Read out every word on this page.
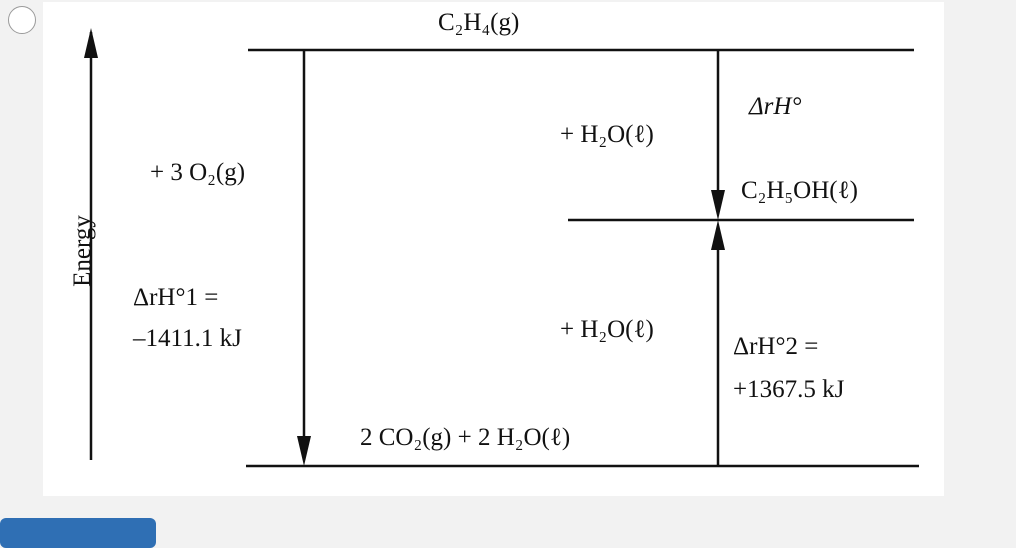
Energy
C₂H₄(g)
+ 3 O₂(g)
+ H₂O(ℓ)
ΔrH°
C₂H₅OH(ℓ)
ΔrH°1 =
–1411.1 kJ	+ H₂O(ℓ)
ΔrH°2 =
+1367.5 kJ
2 CO₂(g) + 2 H₂O(ℓ)
